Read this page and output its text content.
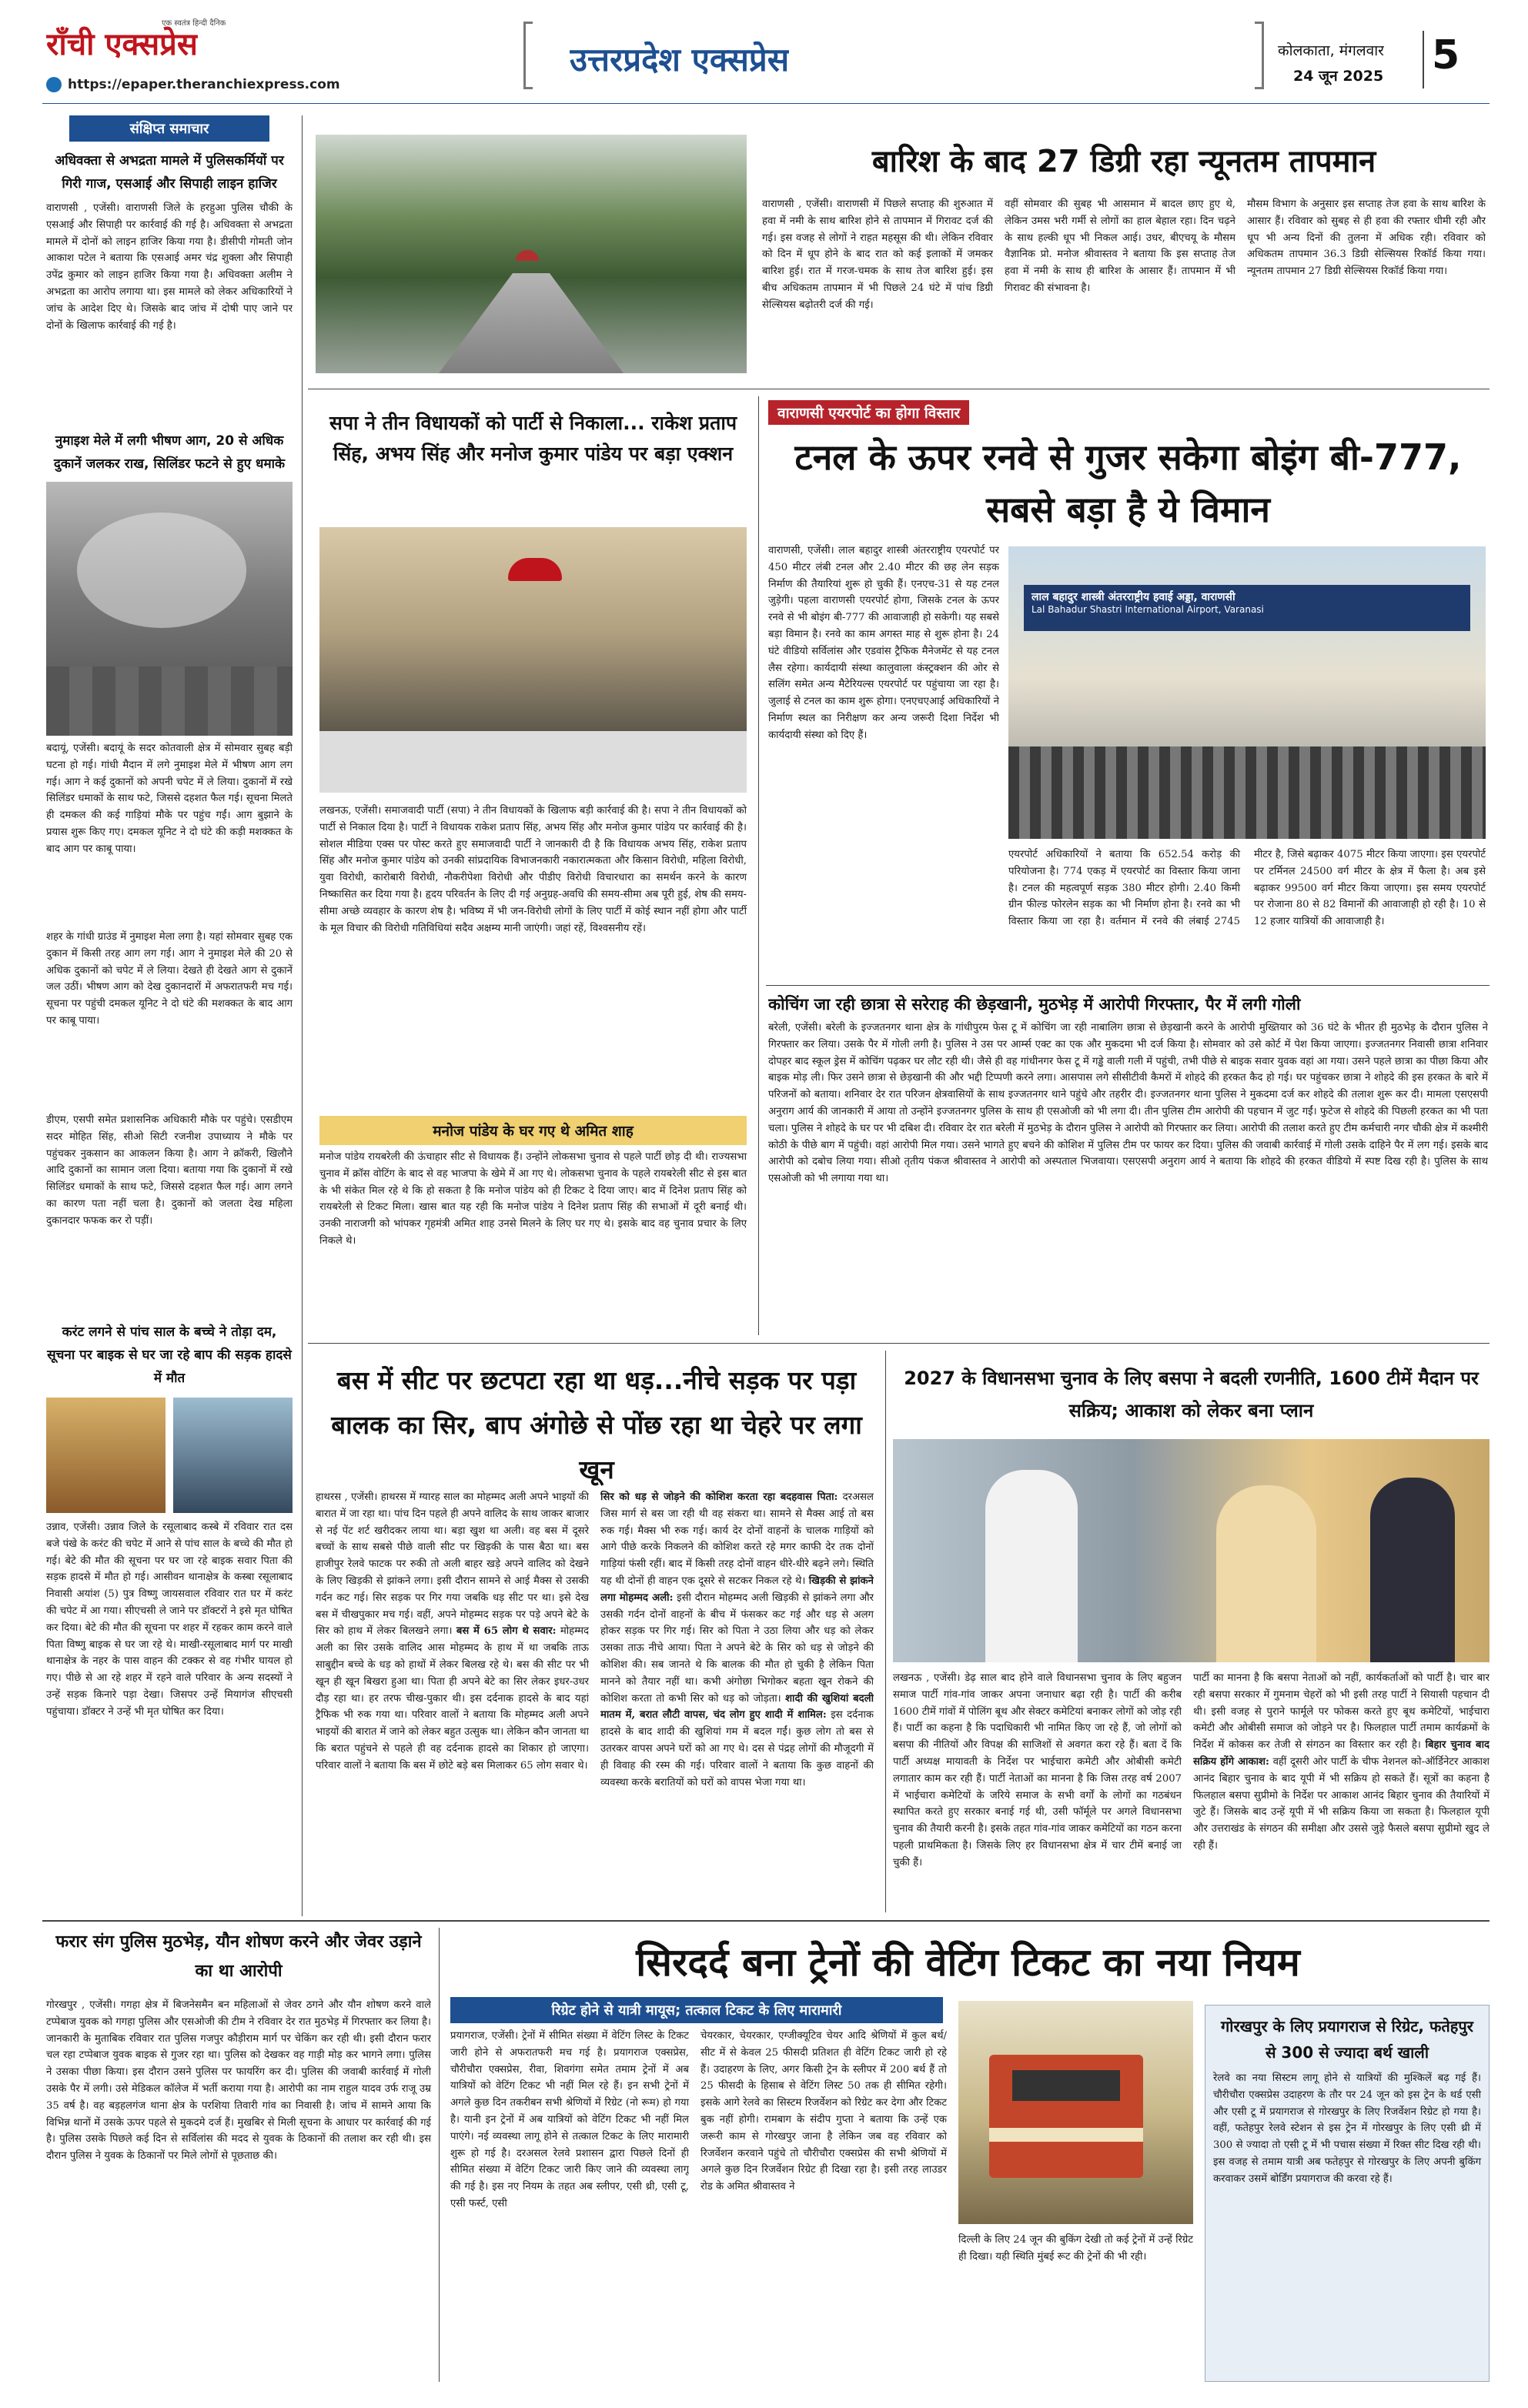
राँची एक्सप्रेस
एक स्वतंत्र हिन्दी दैनिक
https://epaper.theranchiexpress.com
उत्तरप्रदेश एक्सप्रेस	कोलकाता, मंगलवार
24 जून 2025 5
संक्षिप्त समाचार
अधिवक्ता से अभद्रता मामले में पुलिसकर्मियों पर गिरी गाज, एसआई और सिपाही लाइन हाजिर
वाराणसी , एजेंसी। वाराणसी जिले के हरहुआ पुलिस चौकी के एसआई और सिपाही पर कार्रवाई की गई है। अधिवक्ता से अभद्रता मामले में दोनों को लाइन हाजिर किया गया है। डीसीपी गोमती जोन आकाश पटेल ने बताया कि एसआई अमर चंद्र शुक्ला और सिपाही उपेंद्र कुमार को लाइन हाजिर किया गया है। अधिवक्ता अलीम ने अभद्रता का आरोप लगाया था। इस मामले को लेकर अधिकारियों ने जांच के आदेश दिए थे। जिसके बाद जांच में दोषी पाए जाने पर दोनों के खिलाफ कार्रवाई की गई है।
नुमाइश मेले में लगी भीषण आग, 20 से अधिक दुकानें जलकर राख, सिलिंडर फटने से हुए धमाके
बदायूं, एजेंसी। बदायूं के सदर कोतवाली क्षेत्र में सोमवार सुबह बड़ी घटना हो गई। गांधी मैदान में लगे नुमाइश मेले में भीषण आग लग गई। आग ने कई दुकानों को अपनी चपेट में ले लिया। दुकानों में रखे सिलिंडर धमाकों के साथ फटे, जिससे दहशत फैल गई। सूचना मिलते ही दमकल की कई गाड़ियां मौके पर पहुंच गईं। आग बुझाने के प्रयास शुरू किए गए। दमकल यूनिट ने दो घंटे की कड़ी मशक्कत के बाद आग पर काबू पाया।
शहर के गांधी ग्राउंड में नुमाइश मेला लगा है। यहां सोमवार सुबह एक दुकान में किसी तरह आग लग गई। आग ने नुमाइश मेले की 20 से अधिक दुकानों को चपेट में ले लिया। देखते ही देखते आग से दुकानें जल उठीं। भीषण आग को देख दुकानदारों में अफरातफरी मच गई। सूचना पर पहुंची दमकल यूनिट ने दो घंटे की मशक्कत के बाद आग पर काबू पाया।
डीएम, एसपी समेत प्रशासनिक अधिकारी मौके पर पहुंचे। एसडीएम सदर मोहित सिंह, सीओ सिटी रजनीश उपाध्याय ने मौके पर पहुंचकर नुकसान का आकलन किया है। आग ने क्रॉकरी, खिलौने आदि दुकानों का सामान जला दिया। बताया गया कि दुकानों में रखे सिलिंडर धमाकों के साथ फटे, जिससे दहशत फैल गई। आग लगने का कारण पता नहीं चला है। दुकानों को जलता देख महिला दुकानदार फफक कर रो पड़ीं।
करंट लगने से पांच साल के बच्चे ने तोड़ा दम, सूचना पर बाइक से घर जा रहे बाप की सड़क हादसे में मौत
उन्नाव, एजेंसी। उन्नाव जिले के रसूलाबाद कस्बे में रविवार रात दस बजे पंखे के करंट की चपेट में आने से पांच साल के बच्चे की मौत हो गई। बेटे की मौत की सूचना पर घर जा रहे बाइक सवार पिता की सड़क हादसे में मौत हो गई। आसीवन थानाक्षेत्र के कस्बा रसूलाबाद निवासी अयांश (5) पुत्र विष्णु जायसवाल रविवार रात घर में करंट की चपेट में आ गया। सीएचसी ले जाने पर डॉक्टरों ने इसे मृत घोषित कर दिया। बेटे की मौत की सूचना पर शहर में रहकर काम करने वाले पिता विष्णु बाइक से घर जा रहे थे। माखी-रसूलाबाद मार्ग पर माखी थानाक्षेत्र के नहर के पास वाहन की टक्कर से वह गंभीर घायल हो गए। पीछे से आ रहे शहर में रहने वाले परिवार के अन्य सदस्यों ने उन्हें सड़क किनारे पड़ा देखा। जिसपर उन्हें मियागंज सीएचसी पहुंचाया। डॉक्टर ने उन्हें भी मृत घोषित कर दिया।
बारिश के बाद 27 डिग्री रहा न्यूनतम तापमान
वाराणसी , एजेंसी। वाराणसी में पिछले सप्ताह की शुरुआत में हवा में नमी के साथ बारिश होने से तापमान में गिरावट दर्ज की गई। इस वजह से लोगों ने राहत महसूस की थी। लेकिन रविवार को दिन में धूप होने के बाद रात को कई इलाकों में जमकर बारिश हुई। रात में गरज-चमक के साथ तेज बारिश हुई। इस बीच अधिकतम तापमान में भी पिछले 24 घंटे में पांच डिग्री सेल्सियस बढ़ोतरी दर्ज की गई।
वहीं सोमवार की सुबह भी आसमान में बादल छाए हुए थे, लेकिन उमस भरी गर्मी से लोगों का हाल बेहाल रहा। दिन चढ़ने के साथ हल्की धूप भी निकल आई। उधर, बीएचयू के मौसम वैज्ञानिक प्रो. मनोज श्रीवास्तव ने बताया कि इस सप्ताह तेज हवा में नमी के साथ ही बारिश के आसार हैं। तापमान में भी गिरावट की संभावना है।
मौसम विभाग के अनुसार इस सप्ताह तेज हवा के साथ बारिश के आसार हैं। रविवार को सुबह से ही हवा की रफ्तार धीमी रही और धूप भी अन्य दिनों की तुलना में अधिक रही। रविवार को अधिकतम तापमान 36.3 डिग्री सेल्सियस रिकॉर्ड किया गया। न्यूनतम तापमान 27 डिग्री सेल्सियस रिकॉर्ड किया गया।
सपा ने तीन विधायकों को पार्टी से निकाला... राकेश प्रताप सिंह, अभय सिंह और मनोज कुमार पांडेय पर बड़ा एक्शन
लखनऊ, एजेंसी। समाजवादी पार्टी (सपा) ने तीन विधायकों के खिलाफ बड़ी कार्रवाई की है। सपा ने तीन विधायकों को पार्टी से निकाल दिया है। पार्टी ने विधायक राकेश प्रताप सिंह, अभय सिंह और मनोज कुमार पांडेय पर कार्रवाई की है। सोशल मीडिया एक्स पर पोस्ट करते हुए समाजवादी पार्टी ने जानकारी दी है कि विधायक अभय सिंह, राकेश प्रताप सिंह और मनोज कुमार पांडेय को उनकी सांप्रदायिक विभाजनकारी नकारात्मकता और किसान विरोधी, महिला विरोधी, युवा विरोधी, कारोबारी विरोधी, नौकरीपेशा विरोधी और पीडीए विरोधी विचारधारा का समर्थन करने के कारण निष्कासित कर दिया गया है। हृदय परिवर्तन के लिए दी गई अनुग्रह-अवधि की समय-सीमा अब पूरी हुई, शेष की समय-सीमा अच्छे व्यवहार के कारण शेष है। भविष्य में भी जन-विरोधी लोगों के लिए पार्टी में कोई स्थान नहीं होगा और पार्टी के मूल विचार की विरोधी गतिविधियां सदैव अक्षम्य मानी जाएंगी। जहां रहें, विश्वसनीय रहें।
मनोज पांडेय के घर गए थे अमित शाह
मनोज पांडेय रायबरेली की ऊंचाहार सीट से विधायक हैं। उन्होंने लोकसभा चुनाव से पहले पार्टी छोड़ दी थी। राज्यसभा चुनाव में क्रॉस वोटिंग के बाद से वह भाजपा के खेमे में आ गए थे। लोकसभा चुनाव के पहले रायबरेली सीट से इस बात के भी संकेत मिल रहे थे कि हो सकता है कि मनोज पांडेय को ही टिकट दे दिया जाए। बाद में दिनेश प्रताप सिंह को रायबरेली से टिकट मिला। खास बात यह रही कि मनोज पांडेय ने दिनेश प्रताप सिंह की सभाओं में दूरी बनाई थी। उनकी नाराजगी को भांपकर गृहमंत्री अमित शाह उनसे मिलने के लिए घर गए थे। इसके बाद वह चुनाव प्रचार के लिए निकले थे।
वाराणसी एयरपोर्ट का होगा विस्तार
टनल के ऊपर रनवे से गुजर सकेगा बोइंग बी-777, सबसे बड़ा है ये विमान
वाराणसी, एजेंसी। लाल बहादुर शास्त्री अंतरराष्ट्रीय एयरपोर्ट पर 450 मीटर लंबी टनल और 2.40 मीटर की छह लेन सड़क निर्माण की तैयारियां शुरू हो चुकी हैं। एनएच-31 से यह टनल जुड़ेगी। पहला वाराणसी एयरपोर्ट होगा, जिसके टनल के ऊपर रनवे से भी बोइंग बी-777 की आवाजाही हो सकेगी। यह सबसे बड़ा विमान है। रनवे का काम अगस्त माह से शुरू होना है। 24 घंटे वीडियो सर्विलांस और एडवांस ट्रैफिक मैनेजमेंट से यह टनल लैस रहेगा। कार्यदायी संस्था कालुवाला कंस्ट्रक्शन की ओर से सलिंग समेत अन्य मैटेरियल्स एयरपोर्ट पर पहुंचाया जा रहा है। जुलाई से टनल का काम शुरू होगा। एनएचएआई अधिकारियों ने निर्माण स्थल का निरीक्षण कर अन्य जरूरी दिशा निर्देश भी कार्यदायी संस्था को दिए हैं।
लाल बहादुर शास्त्री अंतरराष्ट्रीय हवाई अड्डा, वाराणसी
Lal Bahadur Shastri International Airport, Varanasi
एयरपोर्ट अधिकारियों ने बताया कि 652.54 करोड़ की परियोजना है। 774 एकड़ में एयरपोर्ट का विस्तार किया जाना है। टनल की महत्वपूर्ण सड़क 380 मीटर होगी। 2.40 किमी ग्रीन फील्ड फोरलेन सड़क का भी निर्माण होना है। रनवे का भी विस्तार किया जा रहा है। वर्तमान में रनवे की लंबाई 2745 मीटर है, जिसे बढ़ाकर 4075 मीटर किया जाएगा। इस एयरपोर्ट पर टर्मिनल 24500 वर्ग मीटर के क्षेत्र में फैला है। अब इसे बढ़ाकर 99500 वर्ग मीटर किया जाएगा। इस समय एयरपोर्ट पर रोजाना 80 से 82 विमानों की आवाजाही हो रही है। 10 से 12 हजार यात्रियों की आवाजाही है।
कोचिंग जा रही छात्रा से सरेराह की छेड़खानी, मुठभेड़ में आरोपी गिरफ्तार, पैर में लगी गोली
बरेली, एजेंसी। बरेली के इज्जतनगर थाना क्षेत्र के गांधीपुरम फेस टू में कोचिंग जा रही नाबालिग छात्रा से छेड़खानी करने के आरोपी मुख्तियार को 36 घंटे के भीतर ही मुठभेड़ के दौरान पुलिस ने गिरफ्तार कर लिया। उसके पैर में गोली लगी है। पुलिस ने उस पर आर्म्स एक्ट का एक और मुकदमा भी दर्ज किया है। सोमवार को उसे कोर्ट में पेश किया जाएगा। इज्जतनगर निवासी छात्रा शनिवार दोपहर बाद स्कूल ड्रेस में कोचिंग पढ़कर घर लौट रही थी। जैसे ही वह गांधीनगर फेस टू में गड्ढे वाली गली में पहुंची, तभी पीछे से बाइक सवार युवक वहां आ गया। उसने पहले छात्रा का पीछा किया और बाइक मोड़ ली। फिर उसने छात्रा से छेड़खानी की और भद्दी टिप्पणी करने लगा। आसपास लगे सीसीटीवी कैमरों में शोहदे की हरकत कैद हो गई। घर पहुंचकर छात्रा ने शोहदे की इस हरकत के बारे में परिजनों को बताया। शनिवार देर रात परिजन क्षेत्रवासियों के साथ इज्जतनगर थाने पहुंचे और तहरीर दी। इज्जतनगर थाना पुलिस ने मुकदमा दर्ज कर शोहदे की तलाश शुरू कर दी। मामला एसएसपी अनुराग आर्य की जानकारी में आया तो उन्होंने इज्जतनगर पुलिस के साथ ही एसओजी को भी लगा दी। तीन पुलिस टीम आरोपी की पहचान में जुट गईं। फुटेज से शोहदे की पिछली हरकत का भी पता चला। पुलिस ने शोहदे के घर पर भी दबिश दी। रविवार देर रात बरेली में मुठभेड़ के दौरान पुलिस ने आरोपी को गिरफ्तार कर लिया। आरोपी की तलाश करते हुए टीम कर्मचारी नगर चौकी क्षेत्र में कश्मीरी कोठी के पीछे बाग में पहुंची। वहां आरोपी मिल गया। उसने भागते हुए बचने की कोशिश में पुलिस टीम पर फायर कर दिया। पुलिस की जवाबी कार्रवाई में गोली उसके दाहिने पैर में लग गई। इसके बाद आरोपी को दबोच लिया गया। सीओ तृतीय पंकज श्रीवास्तव ने आरोपी को अस्पताल भिजवाया। एसएसपी अनुराग आर्य ने बताया कि शोहदे की हरकत वीडियो में स्पष्ट दिख रही है। पुलिस के साथ एसओजी को भी लगाया गया था।
बस में सीट पर छटपटा रहा था धड़...नीचे सड़क पर पड़ा बालक का सिर, बाप अंगोछे से पोंछ रहा था चेहरे पर लगा खून
हाथरस , एजेंसी। हाथरस में ग्यारह साल का मोहम्मद अली अपने भाइयों की बारात में जा रहा था। पांच दिन पहले ही अपने वालिद के साथ जाकर बाजार से नई पेंट शर्ट खरीदकर लाया था। बड़ा खुश था अली। वह बस में दूसरे बच्चों के साथ सबसे पीछे वाली सीट पर खिड़की के पास बैठा था। बस हाजीपुर रेलवे फाटक पर रुकी तो अली बाहर खड़े अपने वालिद को देखने के लिए खिड़की से झांकने लगा। इसी दौरान सामने से आई मैक्स से उसकी गर्दन कट गई। सिर सड़क पर गिर गया जबकि धड़ सीट पर था। इसे देख बस में चीखपुकार मच गई। वहीं, अपने मोहम्मद सड़क पर पड़े अपने बेटे के सिर को हाथ में लेकर बिलखने लगा। बस में 65 लोग थे सवार: मोहम्मद अली का सिर उसके वालिद आस मोहम्मद के हाथ में था जबकि ताऊ साबुद्दीन बच्चे के धड़ को हाथों में लेकर बिलख रहे थे। बस की सीट पर भी खून ही खून बिखरा हुआ था। पिता ही अपने बेटे का सिर लेकर इधर-उधर दौड़ रहा था। हर तरफ चीख-पुकार थी। इस दर्दनाक हादसे के बाद यहां ट्रैफिक भी रुक गया था। परिवार वालों ने बताया कि मोहम्मद अली अपने भाइयों की बारात में जाने को लेकर बहुत उत्सुक था। लेकिन कौन जानता था कि बरात पहुंचने से पहले ही वह दर्दनाक हादसे का शिकार हो जाएगा। परिवार वालों ने बताया कि बस में छोटे बड़े बस मिलाकर 65 लोग सवार थे।
सिर को धड़ से जोड़ने की कोशिश करता रहा बदहवास पिता: दरअसल जिस मार्ग से बस जा रही थी वह संकरा था। सामने से मैक्स आई तो बस रुक गई। मैक्स भी रुक गई। कार्य देर दोनों वाहनों के चालक गाड़ियों को आगे पीछे करके निकलने की कोशिश करते रहे मगर काफी देर तक दोनों गाड़ियां फंसी रहीं। बाद में किसी तरह दोनों वाहन धीरे-धीरे बढ़ने लगे। स्थिति यह थी दोनों ही वाहन एक दूसरे से सटकर निकल रहे थे। खिड़की से झांकने लगा मोहम्मद अली: इसी दौरान मोहम्मद अली खिड़की से झांकने लगा और उसकी गर्दन दोनों वाहनों के बीच में फंसकर कट गई और धड़ से अलग होकर सड़क पर गिर गई। सिर को पिता ने उठा लिया और धड़ को लेकर उसका ताऊ नीचे आया। पिता ने अपने बेटे के सिर को धड़ से जोड़ने की कोशिश की। सब जानते थे कि बालक की मौत हो चुकी है लेकिन पिता मानने को तैयार नहीं था। कभी अंगोछा भिगोकर बहता खून रोकने की कोशिश करता तो कभी सिर को धड़ को जोड़ता। शादी की खुशियां बदली मातम में, बरात लौटी वापस, चंद लोग हुए शादी में शामिल: इस दर्दनाक हादसे के बाद शादी की खुशियां गम में बदल गईं। कुछ लोग तो बस से उतरकर वापस अपने घरों को आ गए थे। दस से पंद्रह लोगों की मौजूदगी में ही विवाह की रस्म की गई। परिवार वालों ने बताया कि कुछ वाहनों की व्यवस्था करके बरातियों को घरों को वापस भेजा गया था।
2027 के विधानसभा चुनाव के लिए बसपा ने बदली रणनीति, 1600 टीमें मैदान पर सक्रिय; आकाश को लेकर बना प्लान
लखनऊ , एजेंसी। डेढ़ साल बाद होने वाले विधानसभा चुनाव के लिए बहुजन समाज पार्टी गांव-गांव जाकर अपना जनाधार बढ़ा रही है। पार्टी की करीब 1600 टीमें गांवों में पोलिंग बूथ और सेक्टर कमेटियां बनाकर लोगों को जोड़ रही हैं। पार्टी का कहना है कि पदाधिकारी भी नामित किए जा रहे हैं, जो लोगों को बसपा की नीतियों और विपक्ष की साजिशों से अवगत करा रहे हैं। बता दें कि पार्टी अध्यक्ष मायावती के निर्देश पर भाईचारा कमेटी और ओबीसी कमेटी लगातार काम कर रही हैं। पार्टी नेताओं का मानना है कि जिस तरह वर्ष 2007 में भाईचारा कमेटियों के जरिये समाज के सभी वर्गों के लोगों का गठबंधन स्थापित करते हुए सरकार बनाई गई थी, उसी फॉर्मूले पर अगले विधानसभा चुनाव की तैयारी करनी है। इसके तहत गांव-गांव जाकर कमेटियों का गठन करना पहली प्राथमिकता है। जिसके लिए हर विधानसभा क्षेत्र में चार टीमें बनाई जा चुकी हैं।
पार्टी का मानना है कि बसपा नेताओं को नहीं, कार्यकर्ताओं को पार्टी है। चार बार रही बसपा सरकार में गुमनाम चेहरों को भी इसी तरह पार्टी ने सियासी पहचान दी थी। इसी वजह से पुराने फार्मूले पर फोकस करते हुए बूथ कमेटियों, भाईचारा कमेटी और ओबीसी समाज को जोड़ने पर है। फिलहाल पार्टी तमाम कार्यक्रमों के निर्देश में कोकस कर तेजी से संगठन का विस्तार कर रही है। बिहार चुनाव बाद सक्रिय होंगे आकाश: वहीं दूसरी ओर पार्टी के चीफ नेशनल को-ऑर्डिनेटर आकाश आनंद बिहार चुनाव के बाद यूपी में भी सक्रिय हो सकते हैं। सूत्रों का कहना है फिलहाल बसपा सुप्रीमो के निर्देश पर आकाश आनंद बिहार चुनाव की तैयारियों में जुटे हैं। जिसके बाद उन्हें यूपी में भी सक्रिय किया जा सकता है। फिलहाल यूपी और उत्तराखंड के संगठन की समीक्षा और उससे जुड़े फैसले बसपा सुप्रीमो खुद ले रही हैं।
फरार संग पुलिस मुठभेड़, यौन शोषण करने और जेवर उड़ाने का था आरोपी
गोरखपुर , एजेंसी। गगहा क्षेत्र में बिजनेसमैन बन महिलाओं से जेवर ठगने और यौन शोषण करने वाले टप्पेबाज युवक को गगहा पुलिस और एसओजी की टीम ने रविवार देर रात मुठभेड़ में गिरफ्तार कर लिया है। जानकारी के मुताबिक रविवार रात पुलिस गजपुर कौड़ीराम मार्ग पर चेकिंग कर रही थी। इसी दौरान फरार चल रहा टप्पेबाज युवक बाइक से गुजर रहा था। पुलिस को देखकर वह गाड़ी मोड़ कर भागने लगा। पुलिस ने उसका पीछा किया। इस दौरान उसने पुलिस पर फायरिंग कर दी। पुलिस की जवाबी कार्रवाई में गोली उसके पैर में लगी। उसे मेडिकल कॉलेज में भर्ती कराया गया है। आरोपी का नाम राहुल यादव उर्फ राजू उम्र 35 वर्ष है। वह बड़हलगंज थाना क्षेत्र के परशिया तिवारी गांव का निवासी है। जांच में सामने आया कि विभिन्न थानों में उसके ऊपर पहले से मुकदमे दर्ज हैं। मुखबिर से मिली सूचना के आधार पर कार्रवाई की गई है। पुलिस उसके पिछले कई दिन से सर्विलांस की मदद से युवक के ठिकानों की तलाश कर रही थी। इस दौरान पुलिस ने युवक के ठिकानों पर मिले लोगों से पूछताछ की।
सिरदर्द बना ट्रेनों की वेटिंग टिकट का नया नियम
रिग्रेट होने से यात्री मायूस; तत्काल टिकट के लिए मारामारी
प्रयागराज, एजेंसी। ट्रेनों में सीमित संख्या में वेटिंग लिस्ट के टिकट जारी होने से अफरातफरी मच गई है। प्रयागराज एक्सप्रेस, चौरीचौरा एक्सप्रेस, रीवा, शिवगंगा समेत तमाम ट्रेनों में अब यात्रियों को वेटिंग टिकट भी नहीं मिल रहे हैं। इन सभी ट्रेनों में अगले कुछ दिन तकरीबन सभी श्रेणियों में रिग्रेट (नो रूम) हो गया है। यानी इन ट्रेनों में अब यात्रियों को वेटिंग टिकट भी नहीं मिल पाएंगे। नई व्यवस्था लागू होने से तत्काल टिकट के लिए मारामारी शुरू हो गई है। दरअसल रेलवे प्रशासन द्वारा पिछले दिनों ही सीमित संख्या में वेटिंग टिकट जारी किए जाने की व्यवस्था लागू की गई है। इस नए नियम के तहत अब स्लीपर, एसी थ्री, एसी टू, एसी फर्स्ट, एसी
चेयरकार, चेयरकार, एग्जीक्यूटिव चेयर आदि श्रेणियों में कुल बर्थ/सीट में से केवल 25 फीसदी प्रतिशत ही वेटिंग टिकट जारी हो रहे हैं। उदाहरण के लिए, अगर किसी ट्रेन के स्लीपर में 200 बर्थ हैं तो 25 फीसदी के हिसाब से वेटिंग लिस्ट 50 तक ही सीमित रहेगी। इसके आगे रेलवे का सिस्टम रिजर्वेशन को रिग्रेट कर देगा और टिकट बुक नहीं होगी। रामबाग के संदीप गुप्ता ने बताया कि उन्हें एक जरूरी काम से गोरखपुर जाना है लेकिन जब वह रविवार को रिजर्वेशन करवाने पहुंचे तो चौरीचौरा एक्सप्रेस की सभी श्रेणियों में अगले कुछ दिन रिजर्वेशन रिग्रेट ही दिखा रहा है। इसी तरह लाउडर रोड के अमित श्रीवास्तव ने
दिल्ली के लिए 24 जून की बुकिंग देखी तो कई ट्रेनों में उन्हें रिग्रेट ही दिखा। यही स्थिति मुंबई रूट की ट्रेनों की भी रही।
गोरखपुर के लिए प्रयागराज से रिग्रेट, फतेहपुर से 300 से ज्यादा बर्थ खाली
रेलवे का नया सिस्टम लागू होने से यात्रियों की मुश्किलें बढ़ गई हैं। चौरीचौरा एक्सप्रेस उदाहरण के तौर पर 24 जून को इस ट्रेन के थर्ड एसी और एसी टू में प्रयागराज से गोरखपुर के लिए रिजर्वेशन रिग्रेट हो गया है। वहीं, फतेहपुर रेलवे स्टेशन से इस ट्रेन में गोरखपुर के लिए एसी थ्री में 300 से ज्यादा तो एसी टू में भी पचास संख्या में रिक्त सीट दिख रही थी। इस वजह से तमाम यात्री अब फतेहपुर से गोरखपुर के लिए अपनी बुकिंग करवाकर उसमें बोर्डिंग प्रयागराज की करवा रहे हैं।
